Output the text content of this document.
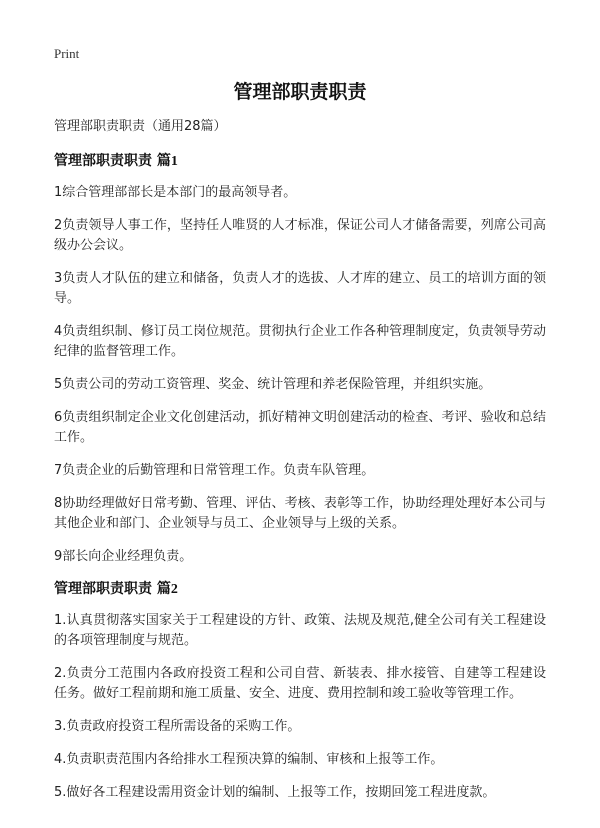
Print
管理部职责职责
管理部职责职责（通用28篇）
管理部职责职责 篇1

1综合管理部部长是本部门的最高领导者。

2负责领导人事工作，坚持任人唯贤的人才标准，保证公司人才储备需要，列席公司高级办公会议。

3负责人才队伍的建立和储备，负责人才的选拔、人才库的建立、员工的培训方面的领导。

4负责组织制、修订员工岗位规范。贯彻执行企业工作各种管理制度定，负责领导劳动纪律的监督管理工作。

5负责公司的劳动工资管理、奖金、统计管理和养老保险管理，并组织实施。

6负责组织制定企业文化创建活动，抓好精神文明创建活动的检查、考评、验收和总结工作。

7负责企业的后勤管理和日常管理工作。负责车队管理。

8协助经理做好日常考勤、管理、评估、考核、表彰等工作，协助经理处理好本公司与其他企业和部门、企业领导与员工、企业领导与上级的关系。

9部长向企业经理负责。

管理部职责职责 篇2

1.认真贯彻落实国家关于工程建设的方针、政策、法规及规范,健全公司有关工程建设的各项管理制度与规范。

2.负责分工范围内各政府投资工程和公司自营、新装表、排水接管、自建等工程建设任务。做好工程前期和施工质量、安全、进度、费用控制和竣工验收等管理工作。

3.负责政府投资工程所需设备的采购工作。

4.负责职责范围内各给排水工程预决算的编制、审核和上报等工作。

5.做好各工程建设需用资金计划的编制、上报等工作，按期回笼工程进度款。
